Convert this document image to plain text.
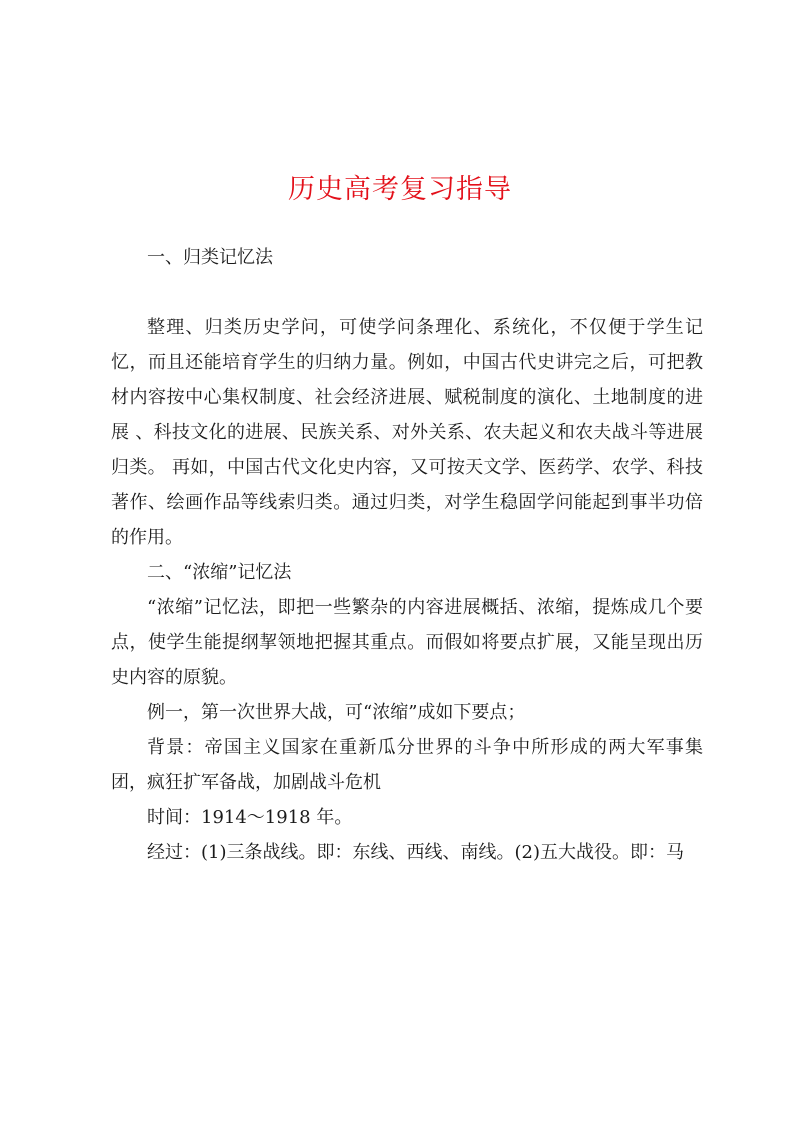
历史高考复习指导

一、归类记忆法

整理、归类历史学问，可使学问条理化、系统化，不仅便于学生记忆，而且还能培育学生的归纳力量。例如，中国古代史讲完之后，可把教材内容按中心集权制度、社会经济进展、赋税制度的演化、土地制度的进展 、科技文化的进展、民族关系、对外关系、农夫起义和农夫战斗等进展归类。 再如，中国古代文化史内容，又可按天文学、医药学、农学、科技著作、绘画作品等线索归类。通过归类，对学生稳固学问能起到事半功倍的作用。

二、“浓缩”记忆法

“浓缩”记忆法，即把一些繁杂的内容进展概括、浓缩，提炼成几个要点，使学生能提纲挈领地把握其重点。而假如将要点扩展，又能呈现出历史内容的原貌。

例一，第一次世界大战，可“浓缩”成如下要点；

背景：帝国主义国家在重新瓜分世界的斗争中所形成的两大军事集团，疯狂扩军备战，加剧战斗危机

时间：1914～1918 年。

经过：(1)三条战线。即：东线、西线、南线。(2)五大战役。即：马
